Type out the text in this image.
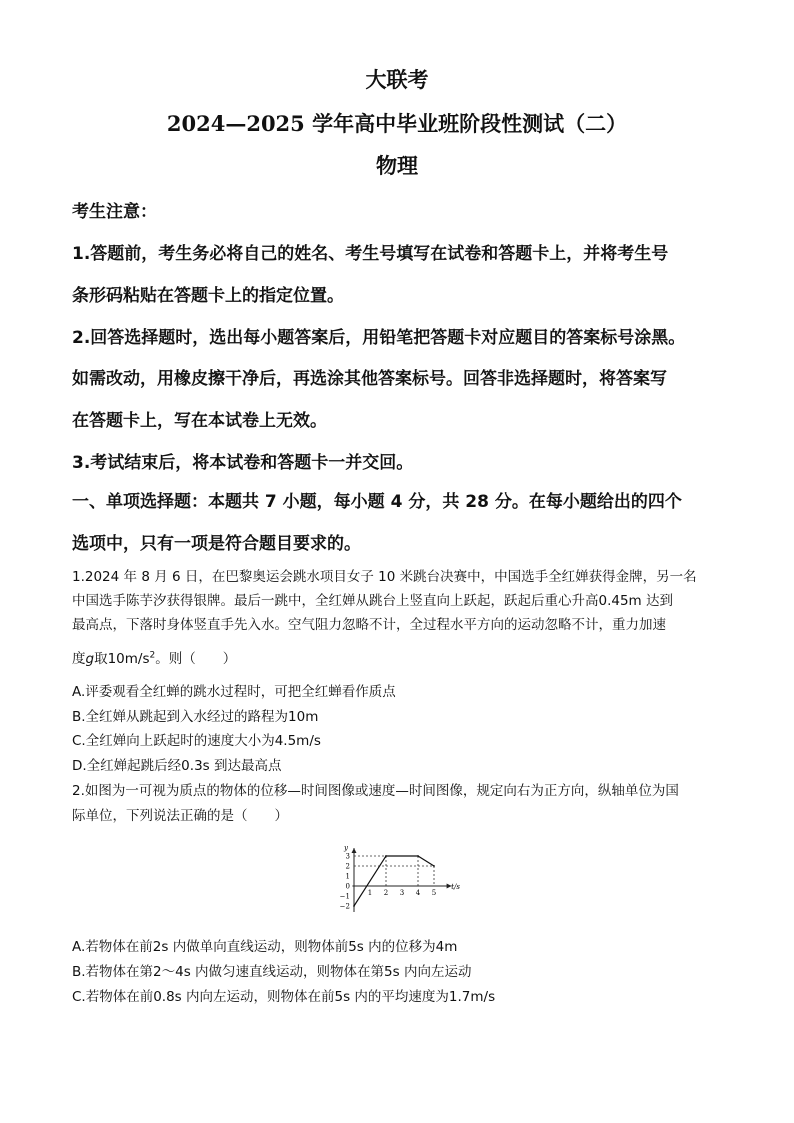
大联考
2024—2025 学年高中毕业班阶段性测试（二）
物理
考生注意：
1.答题前，考生务必将自己的姓名、考生号填写在试卷和答题卡上，并将考生号
条形码粘贴在答题卡上的指定位置。
2.回答选择题时，选出每小题答案后，用铅笔把答题卡对应题目的答案标号涂黑。
如需改动，用橡皮擦干净后，再选涂其他答案标号。回答非选择题时，将答案写
在答题卡上，写在本试卷上无效。
3.考试结束后，将本试卷和答题卡一并交回。
一、单项选择题：本题共 7 小题，每小题 4 分，共 28 分。在每小题给出的四个
选项中，只有一项是符合题目要求的。
1.2024 年 8 月 6 日，在巴黎奥运会跳水项目女子 10 米跳台决赛中，中国选手全红婵获得金牌，另一名
中国选手陈芋汐获得银牌。最后一跳中，全红婵从跳台上竖直向上跃起，跃起后重心升高0.45m 达到
最高点，下落时身体竖直手先入水。空气阻力忽略不计，全过程水平方向的运动忽略不计，重力加速
度g取$10m/s^2$。则（　　）
A.评委观看全红蝉的跳水过程时，可把全红蝉看作质点
B.全红婵从跳起到入水经过的路程为10m
C.全红婵向上跃起时的速度大小为4.5m/s
D.全红婵起跳后经0.3s 到达最高点
2.如图为一可视为质点的物体的位移—时间图像或速度—时间图像，规定向右为正方向，纵轴单位为国
际单位，下列说法正确的是（　　）
y
t/s
3
2
1
0
−1
−2
1 2 3 4 5
A.若物体在前2s 内做单向直线运动，则物体前5s 内的位移为4m
B.若物体在第2～4s 内做匀速直线运动，则物体在第5s 内向左运动
C.若物体在前0.8s 内向左运动，则物体在前5s 内的平均速度为1.7m/s
